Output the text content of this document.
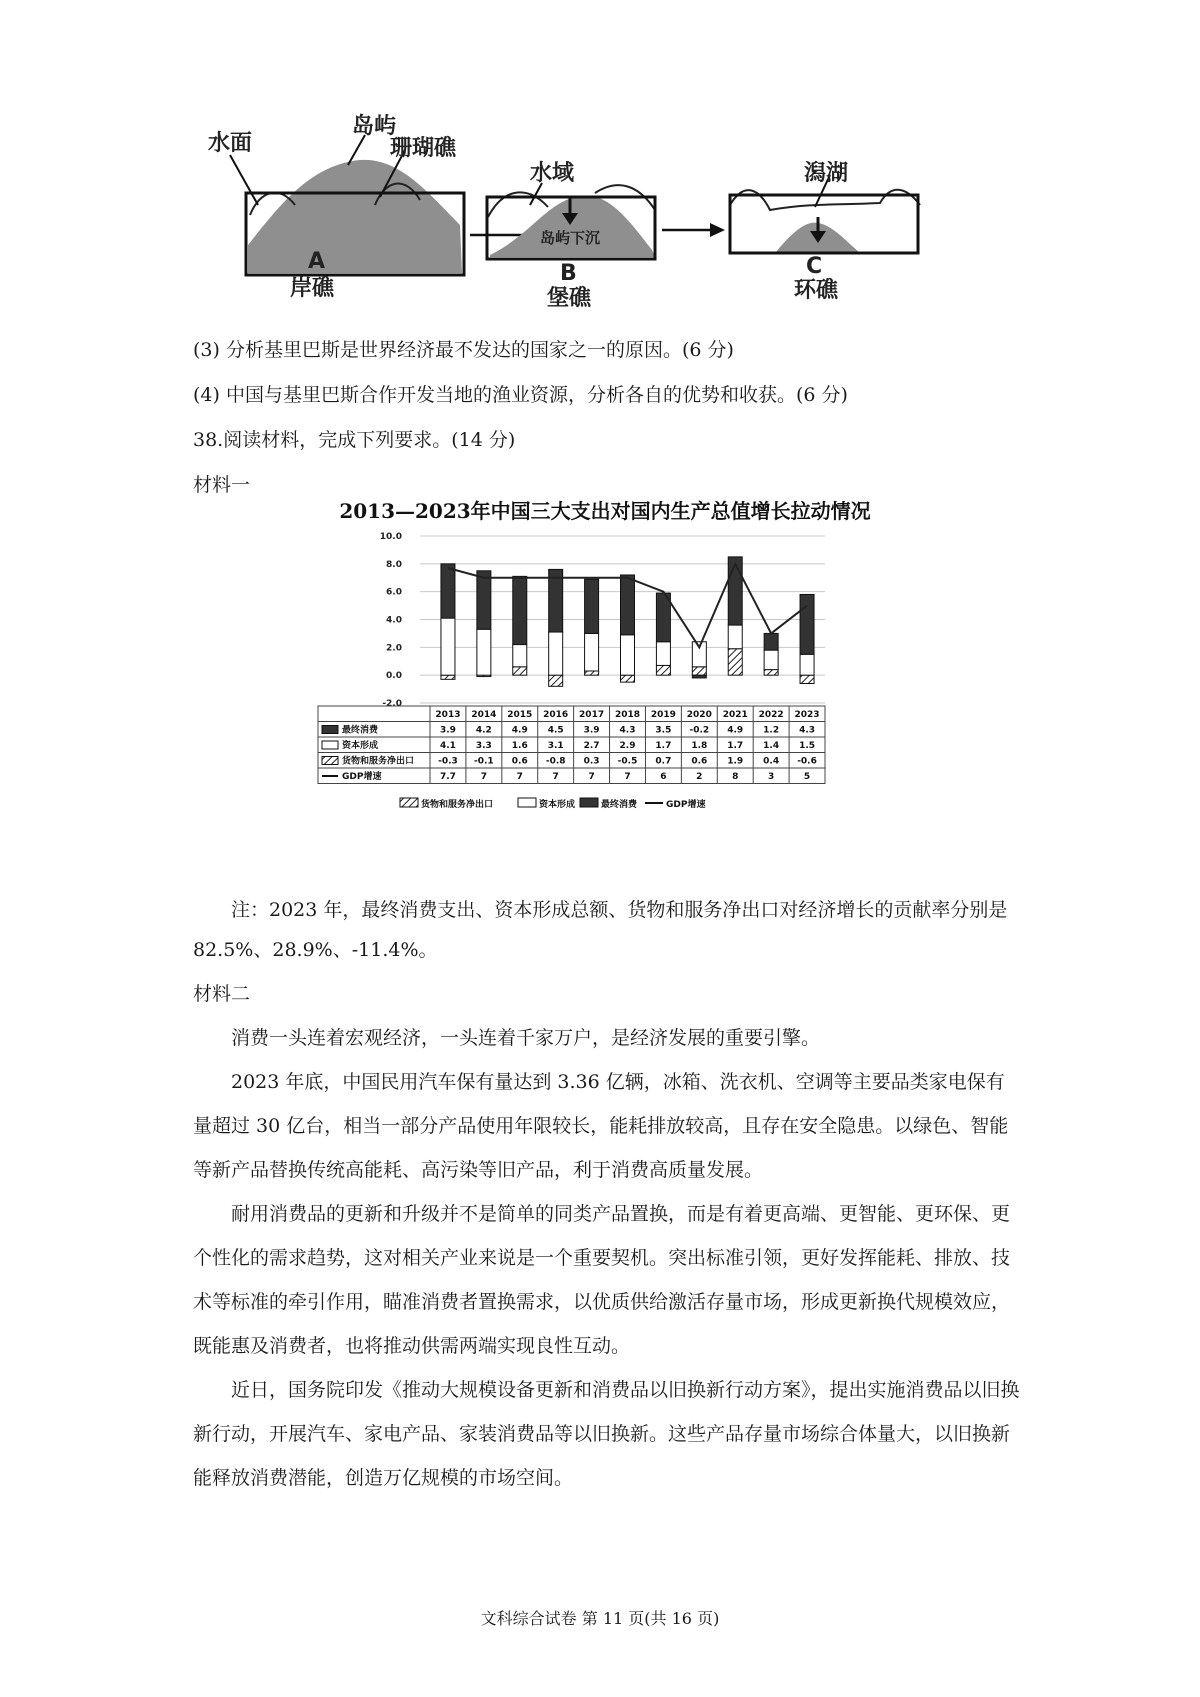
水面
岛屿
珊瑚礁
A
岸礁
水域
岛屿下沉
B
堡礁
潟湖
C
环礁
(3) 分析基里巴斯是世界经济最不发达的国家之一的原因。(6 分)
(4) 中国与基里巴斯合作开发当地的渔业资源，分析各自的优势和收获。(6 分)
38.阅读材料，完成下列要求。(14 分)
材料一
2013—2023年中国三大支出对国内生产总值增长拉动情况
10.0
8.0
6.0
4.0
2.0
0.0
-2.0
2013 2014 2015 2016 2017 2018 2019 2020 2021 2022 2023
最终消费	3.9 4.2 4.9 4.5 3.9 4.3 3.5 -0.2 4.9 1.2 4.3
资本形成	4.1 3.3 1.6 3.1 2.7 2.9 1.7 1.8 1.7 1.4 1.5
货物和服务净出口	-0.3 -0.1 0.6 -0.8 0.3 -0.5 0.7 0.6 1.9 0.4 -0.6
GDP增速	7.7	7	7	7	7	7	6	2	8	3	5
货物和服务净出口	资本形成	最终消费	GDP增速
注：2023 年，最终消费支出、资本形成总额、货物和服务净出口对经济增长的贡献率分别是 82.5%、28.9%、-11.4%。
材料二
消费一头连着宏观经济，一头连着千家万户，是经济发展的重要引擎。
2023 年底，中国民用汽车保有量达到 3.36 亿辆，冰箱、洗衣机、空调等主要品类家电保有量超过 30 亿台，相当一部分产品使用年限较长，能耗排放较高，且存在安全隐患。以绿色、智能等新产品替换传统高能耗、高污染等旧产品，利于消费高质量发展。
耐用消费品的更新和升级并不是简单的同类产品置换，而是有着更高端、更智能、更环保、更个性化的需求趋势，这对相关产业来说是一个重要契机。突出标准引领，更好发挥能耗、排放、技术等标准的牵引作用，瞄准消费者置换需求，以优质供给激活存量市场，形成更新换代规模效应，既能惠及消费者，也将推动供需两端实现良性互动。
近日，国务院印发《推动大规模设备更新和消费品以旧换新行动方案》，提出实施消费品以旧换新行动，开展汽车、家电产品、家装消费品等以旧换新。这些产品存量市场综合体量大，以旧换新能释放消费潜能，创造万亿规模的市场空间。
文科综合试卷 第 11 页(共 16 页)
